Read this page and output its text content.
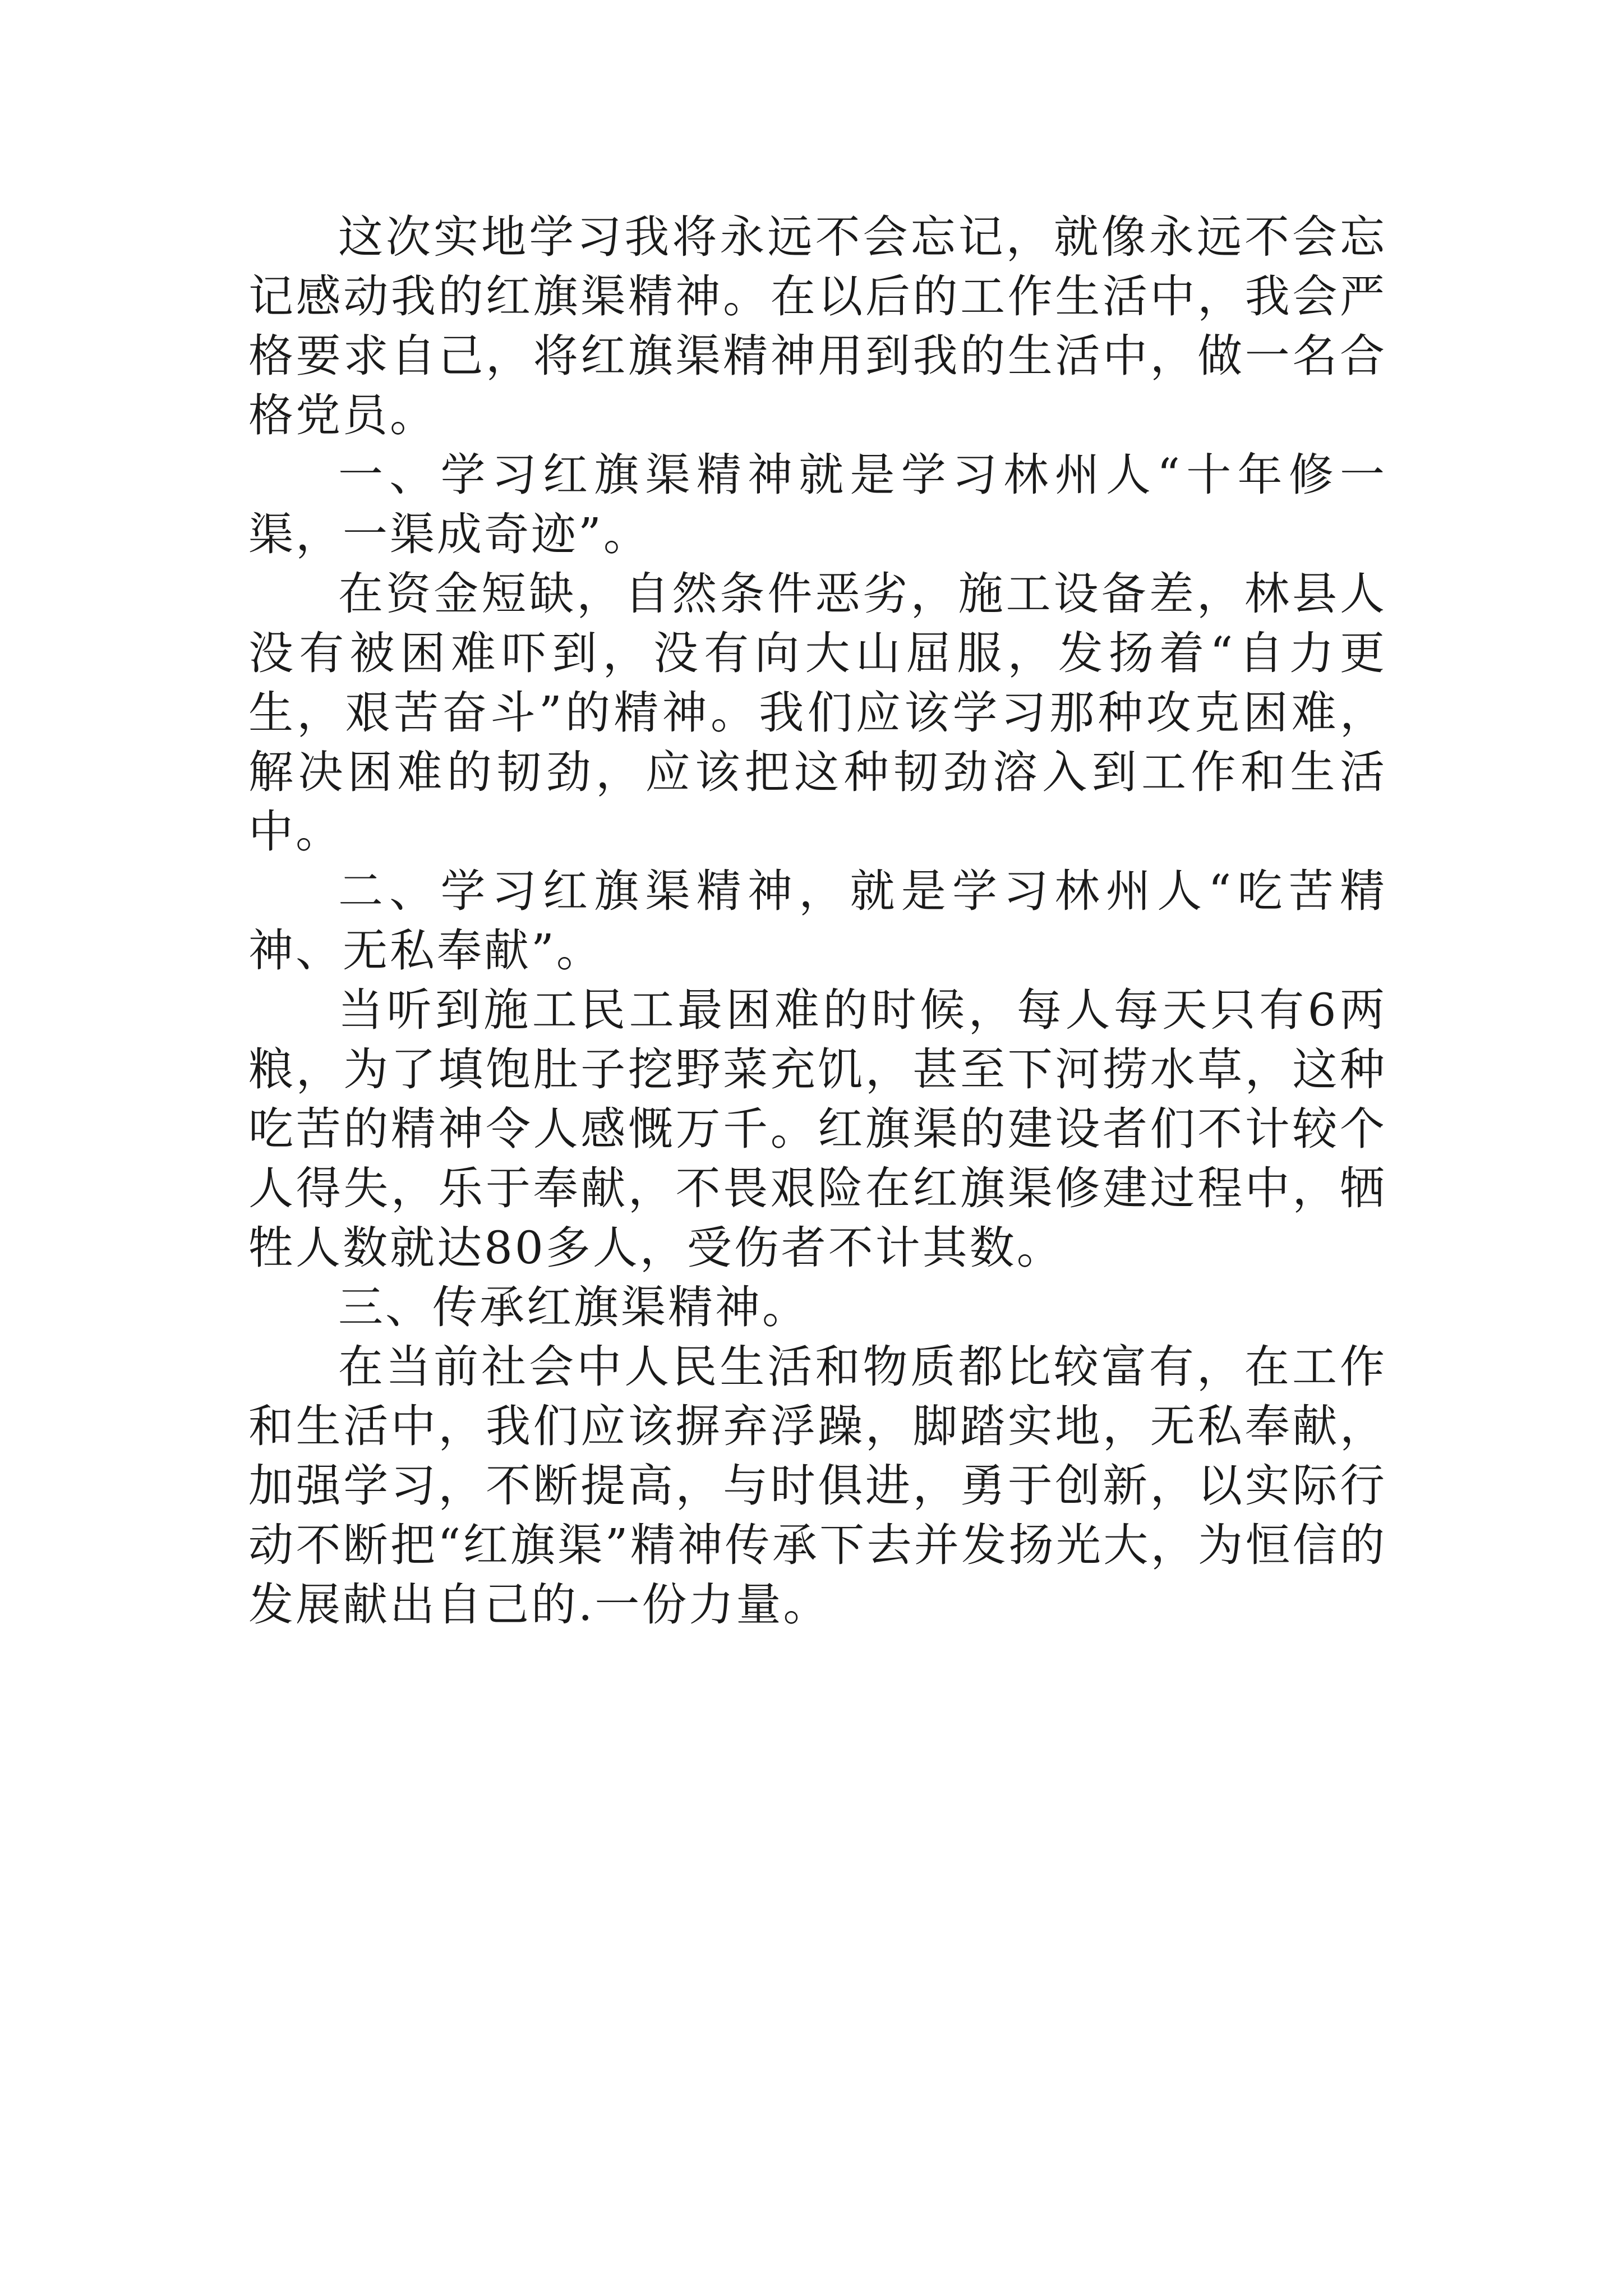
这次实地学习我将永远不会忘记，就像永远不会忘记感动我的红旗渠精神。在以后的工作生活中，我会严格要求自己，将红旗渠精神用到我的生活中，做一名合格党员。

一、学习红旗渠精神就是学习林州人“十年修一渠，一渠成奇迹”。

在资金短缺，自然条件恶劣，施工设备差，林县人没有被困难吓到，没有向大山屈服，发扬着“自力更生，艰苦奋斗”的精神。我们应该学习那种攻克困难，解决困难的韧劲，应该把这种韧劲溶入到工作和生活中。

二、学习红旗渠精神，就是学习林州人“吃苦精神、无私奉献”。

当听到施工民工最困难的时候，每人每天只有6两粮，为了填饱肚子挖野菜充饥，甚至下河捞水草，这种吃苦的精神令人感慨万千。红旗渠的建设者们不计较个人得失，乐于奉献，不畏艰险在红旗渠修建过程中，牺牲人数就达80多人，受伤者不计其数。

三、传承红旗渠精神。

在当前社会中人民生活和物质都比较富有，在工作和生活中，我们应该摒弃浮躁，脚踏实地，无私奉献，加强学习，不断提高，与时俱进，勇于创新，以实际行动不断把“红旗渠”精神传承下去并发扬光大，为恒信的发展献出自己的.一份力量。
